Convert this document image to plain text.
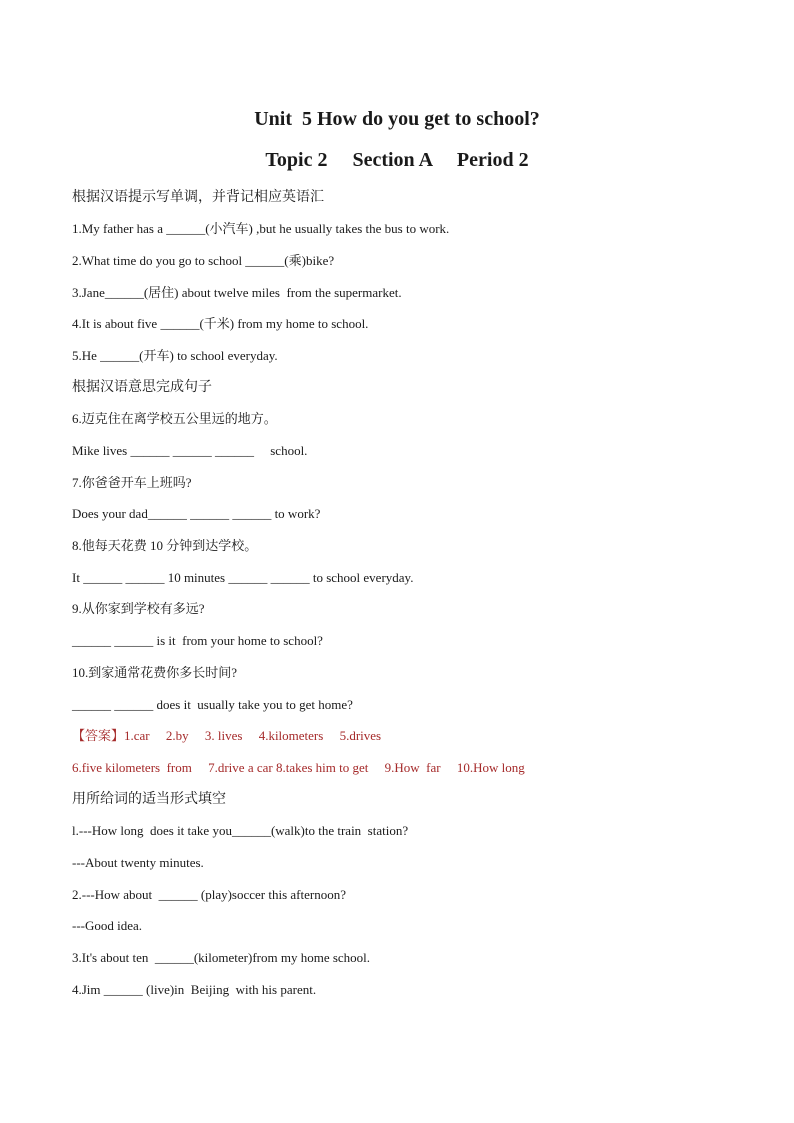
Unit  5 How do you get to school?
Topic 2     Section A     Period 2
根据汉语提示写单调，并背记相应英语汇
1.My father has a ______(小汽车) ,but he usually takes the bus to work.
2.What time do you go to school ______(乘)bike?
3.Jane______(居住) about twelve miles  from the supermarket.
4.It is about five ______(千米) from my home to school.
5.He ______(开车) to school everyday.
根据汉语意思完成句子
6.迈克住在离学校五公里远的地方。
Mike lives ______ ______ ______     school.
7.你爸爸开车上班吗?
Does your dad______ ______ ______ to work?
8.他每天花费 10 分钟到达学校。
It ______ ______ 10 minutes ______ ______ to school everyday.
9.从你家到学校有多远?
______ ______ is it  from your home to school?
10.到家通常花费你多长时间?
______ ______ does it  usually take you to get home?
【答案】1.car     2.by     3. lives     4.kilometers     5.drives
6.five kilometers  from     7.drive a car 8.takes him to get     9.How  far     10.How long
用所给词的适当形式填空
l.---How long  does it take you______(walk)to the train  station?
---About twenty minutes.
2.---How about  ______ (play)soccer this afternoon?
---Good idea.
3.It's about ten  ______(kilometer)from my home school.
4.Jim ______ (live)in  Beijing  with his parent.
